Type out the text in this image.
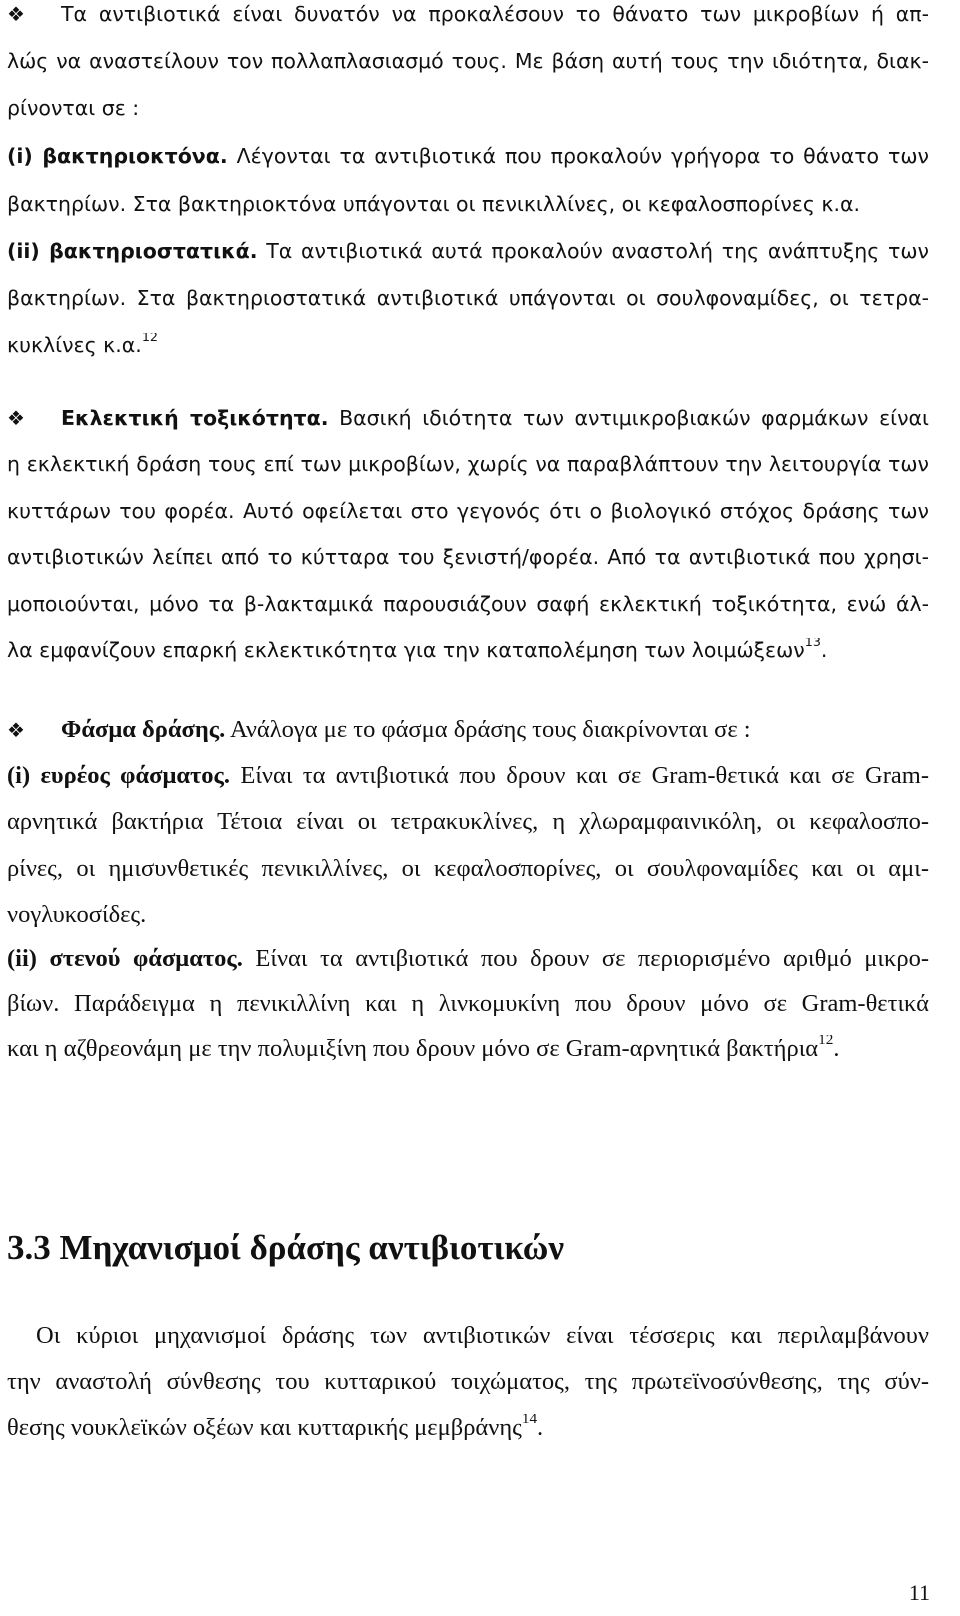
❖ Τα αντιβιοτικά είναι δυνατόν να προκαλέσουν το θάνατο των μικροβίων ή απ-
λώς να αναστείλουν τον πολλαπλασιασμό τους. Με βάση αυτή τους την ιδιότητα, διακ-
ρίνονται σε :
(i) βακτηριοκτόνα. Λέγονται τα αντιβιοτικά που προκαλούν γρήγορα το θάνατο των
βακτηρίων. Στα βακτηριοκτόνα υπάγονται οι πενικιλλίνες, οι κεφαλοσπορίνες κ.α.
(ii) βακτηριοστατικά. Τα αντιβιοτικά αυτά προκαλούν αναστολή της ανάπτυξης των
βακτηρίων. Στα βακτηριοστατικά αντιβιοτικά υπάγονται οι σουλφοναμίδες, οι τετρα-
κυκλίνες κ.α.$^{12}$
❖ Εκλεκτική τοξικότητα. Βασική ιδιότητα των αντιμικροβιακών φαρμάκων είναι
η εκλεκτική δράση τους επί των μικροβίων, χωρίς να παραβλάπτουν την λειτουργία των
κυττάρων του φορέα. Αυτό οφείλεται στο γεγονός ότι ο βιολογικό στόχος δράσης των
αντιβιοτικών λείπει από το κύτταρα του ξενιστή/φορέα. Από τα αντιβιοτικά που χρησι-
μοποιούνται, μόνο τα β-λακταμικά παρουσιάζουν σαφή εκλεκτική τοξικότητα, ενώ άλ-
λα εμφανίζουν επαρκή εκλεκτικότητα για την καταπολέμηση των λοιμώξεων$^{13}$.
❖ Φάσμα δράσης. Ανάλογα με το φάσμα δράσης τους διακρίνονται σε :
(i) ευρέος φάσματος. Είναι τα αντιβιοτικά που δρουν και σε Gram-θετικά και σε Gram-
αρνητικά βακτήρια Τέτοια είναι οι τετρακυκλίνες, η χλωραμφαινικόλη, οι κεφαλοσπο-
ρίνες, οι ημισυνθετικές πενικιλλίνες, οι κεφαλοσπορίνες, οι σουλφοναμίδες και οι αμι-
νογλυκοσίδες.
(ii) στενού φάσματος. Είναι τα αντιβιοτικά που δρουν σε περιορισμένο αριθμό μικρο-
βίων. Παράδειγμα η πενικιλλίνη και η λινκομυκίνη που δρουν μόνο σε Gram-θετικά
και η αζθρεονάμη με την πολυμιξίνη που δρουν μόνο σε Gram-αρνητικά βακτήρια$^{12}$.
3.3 Μηχανισμοί δράσης αντιβιοτικών
Οι κύριοι μηχανισμοί δράσης των αντιβιοτικών είναι τέσσερις και περιλαμβάνουν
την αναστολή σύνθεσης του κυτταρικού τοιχώματος, της πρωτεϊνοσύνθεσης, της σύν-
θεσης νουκλεϊκών οξέων και κυτταρικής μεμβράνης$^{14}$.
11
